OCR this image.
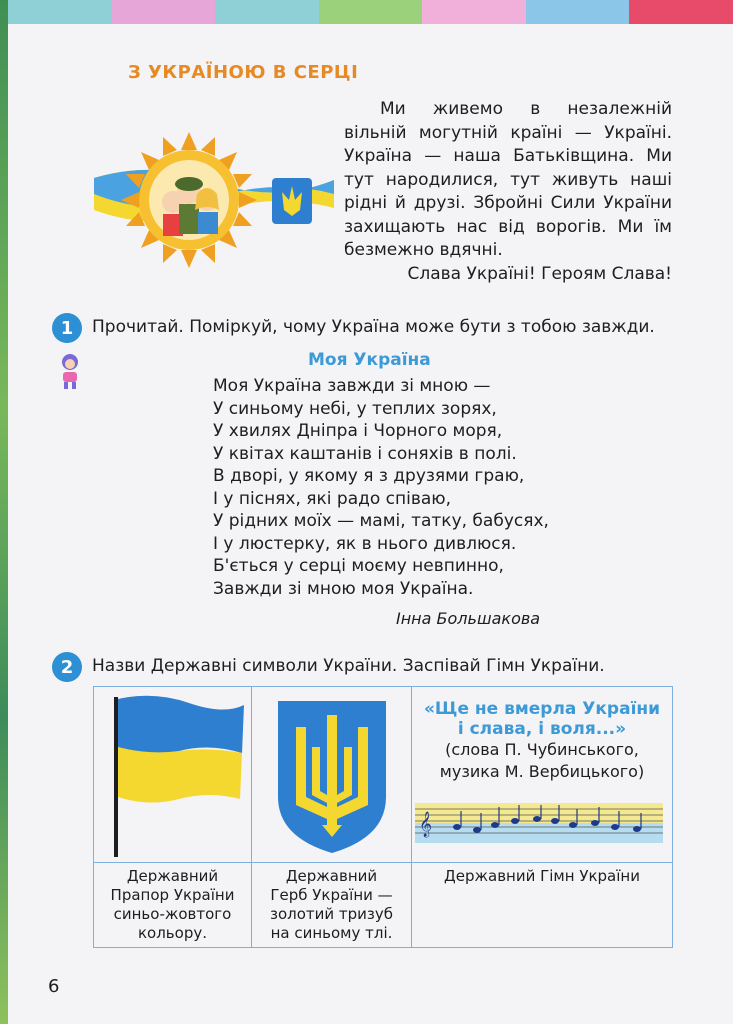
З УКРАЇНОЮ В СЕРЦІ

Ми живемо в незалежній вільній могутній країні — Україні. Україна — наша Батьківщина. Ми тут народилися, тут живуть наші рідні й друзі. Збройні Сили України захищають нас від ворогів. Ми їм безмежно вдячні.

Слава Україні! Героям Слава!

1	Прочитай. Поміркуй, чому Україна може бути з тобою завжди.
Моя Україна
Моя Україна завжди зі мною —
У синьому небі, у теплих зорях,
У хвилях Дніпра і Чорного моря,
У квітах каштанів і соняхів в полі.
В дворі, у якому я з друзями граю,
І у піснях, які радо співаю,
У рідних моїх — мамі, татку, бабусях,
І у люстерку, як в нього дивлюся.
Б'ється у серці моєму невпинно,
Завжди зі мною моя Україна.
Інна Большакова
2	Назви Державні символи України. Заспівай Гімн України.
«Ще не вмерла України
і слава, і воля...»
(слова П. Чубинського,
музика М. Вербицького)
𝄞
Державний
Прапор України
синьо-жовтого
кольору.
Державний
Герб України —
золотий тризуб
на синьому тлі.
Державний Гімн України
6
